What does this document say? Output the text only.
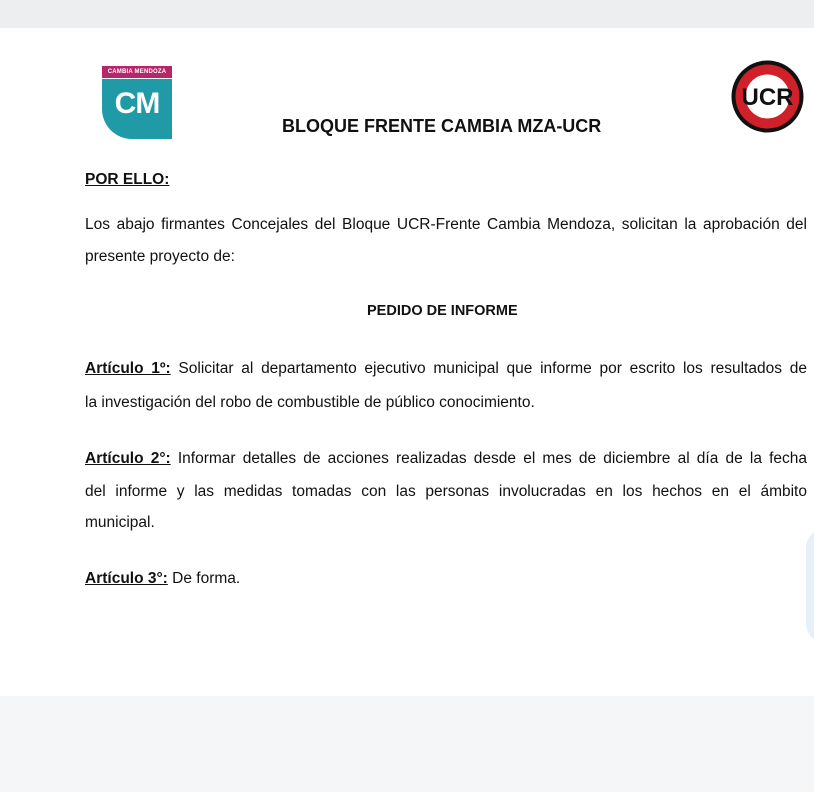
CAMBIA MENDOZA
CM
BLOQUE FRENTE CAMBIA MZA-UCR
UCR
POR ELLO:
Los abajo firmantes Concejales del Bloque UCR-Frente Cambia Mendoza, solicitan la aprobación del
presente proyecto de:
PEDIDO DE INFORME
Artículo 1º: Solicitar al departamento ejecutivo municipal que informe por escrito los resultados de
la investigación del robo de combustible de público conocimiento.
Artículo 2°: Informar detalles de acciones realizadas desde el mes de diciembre al día de la fecha
del informe y las medidas tomadas con las personas involucradas en los hechos en el ámbito
municipal.
Artículo 3°: De forma.
